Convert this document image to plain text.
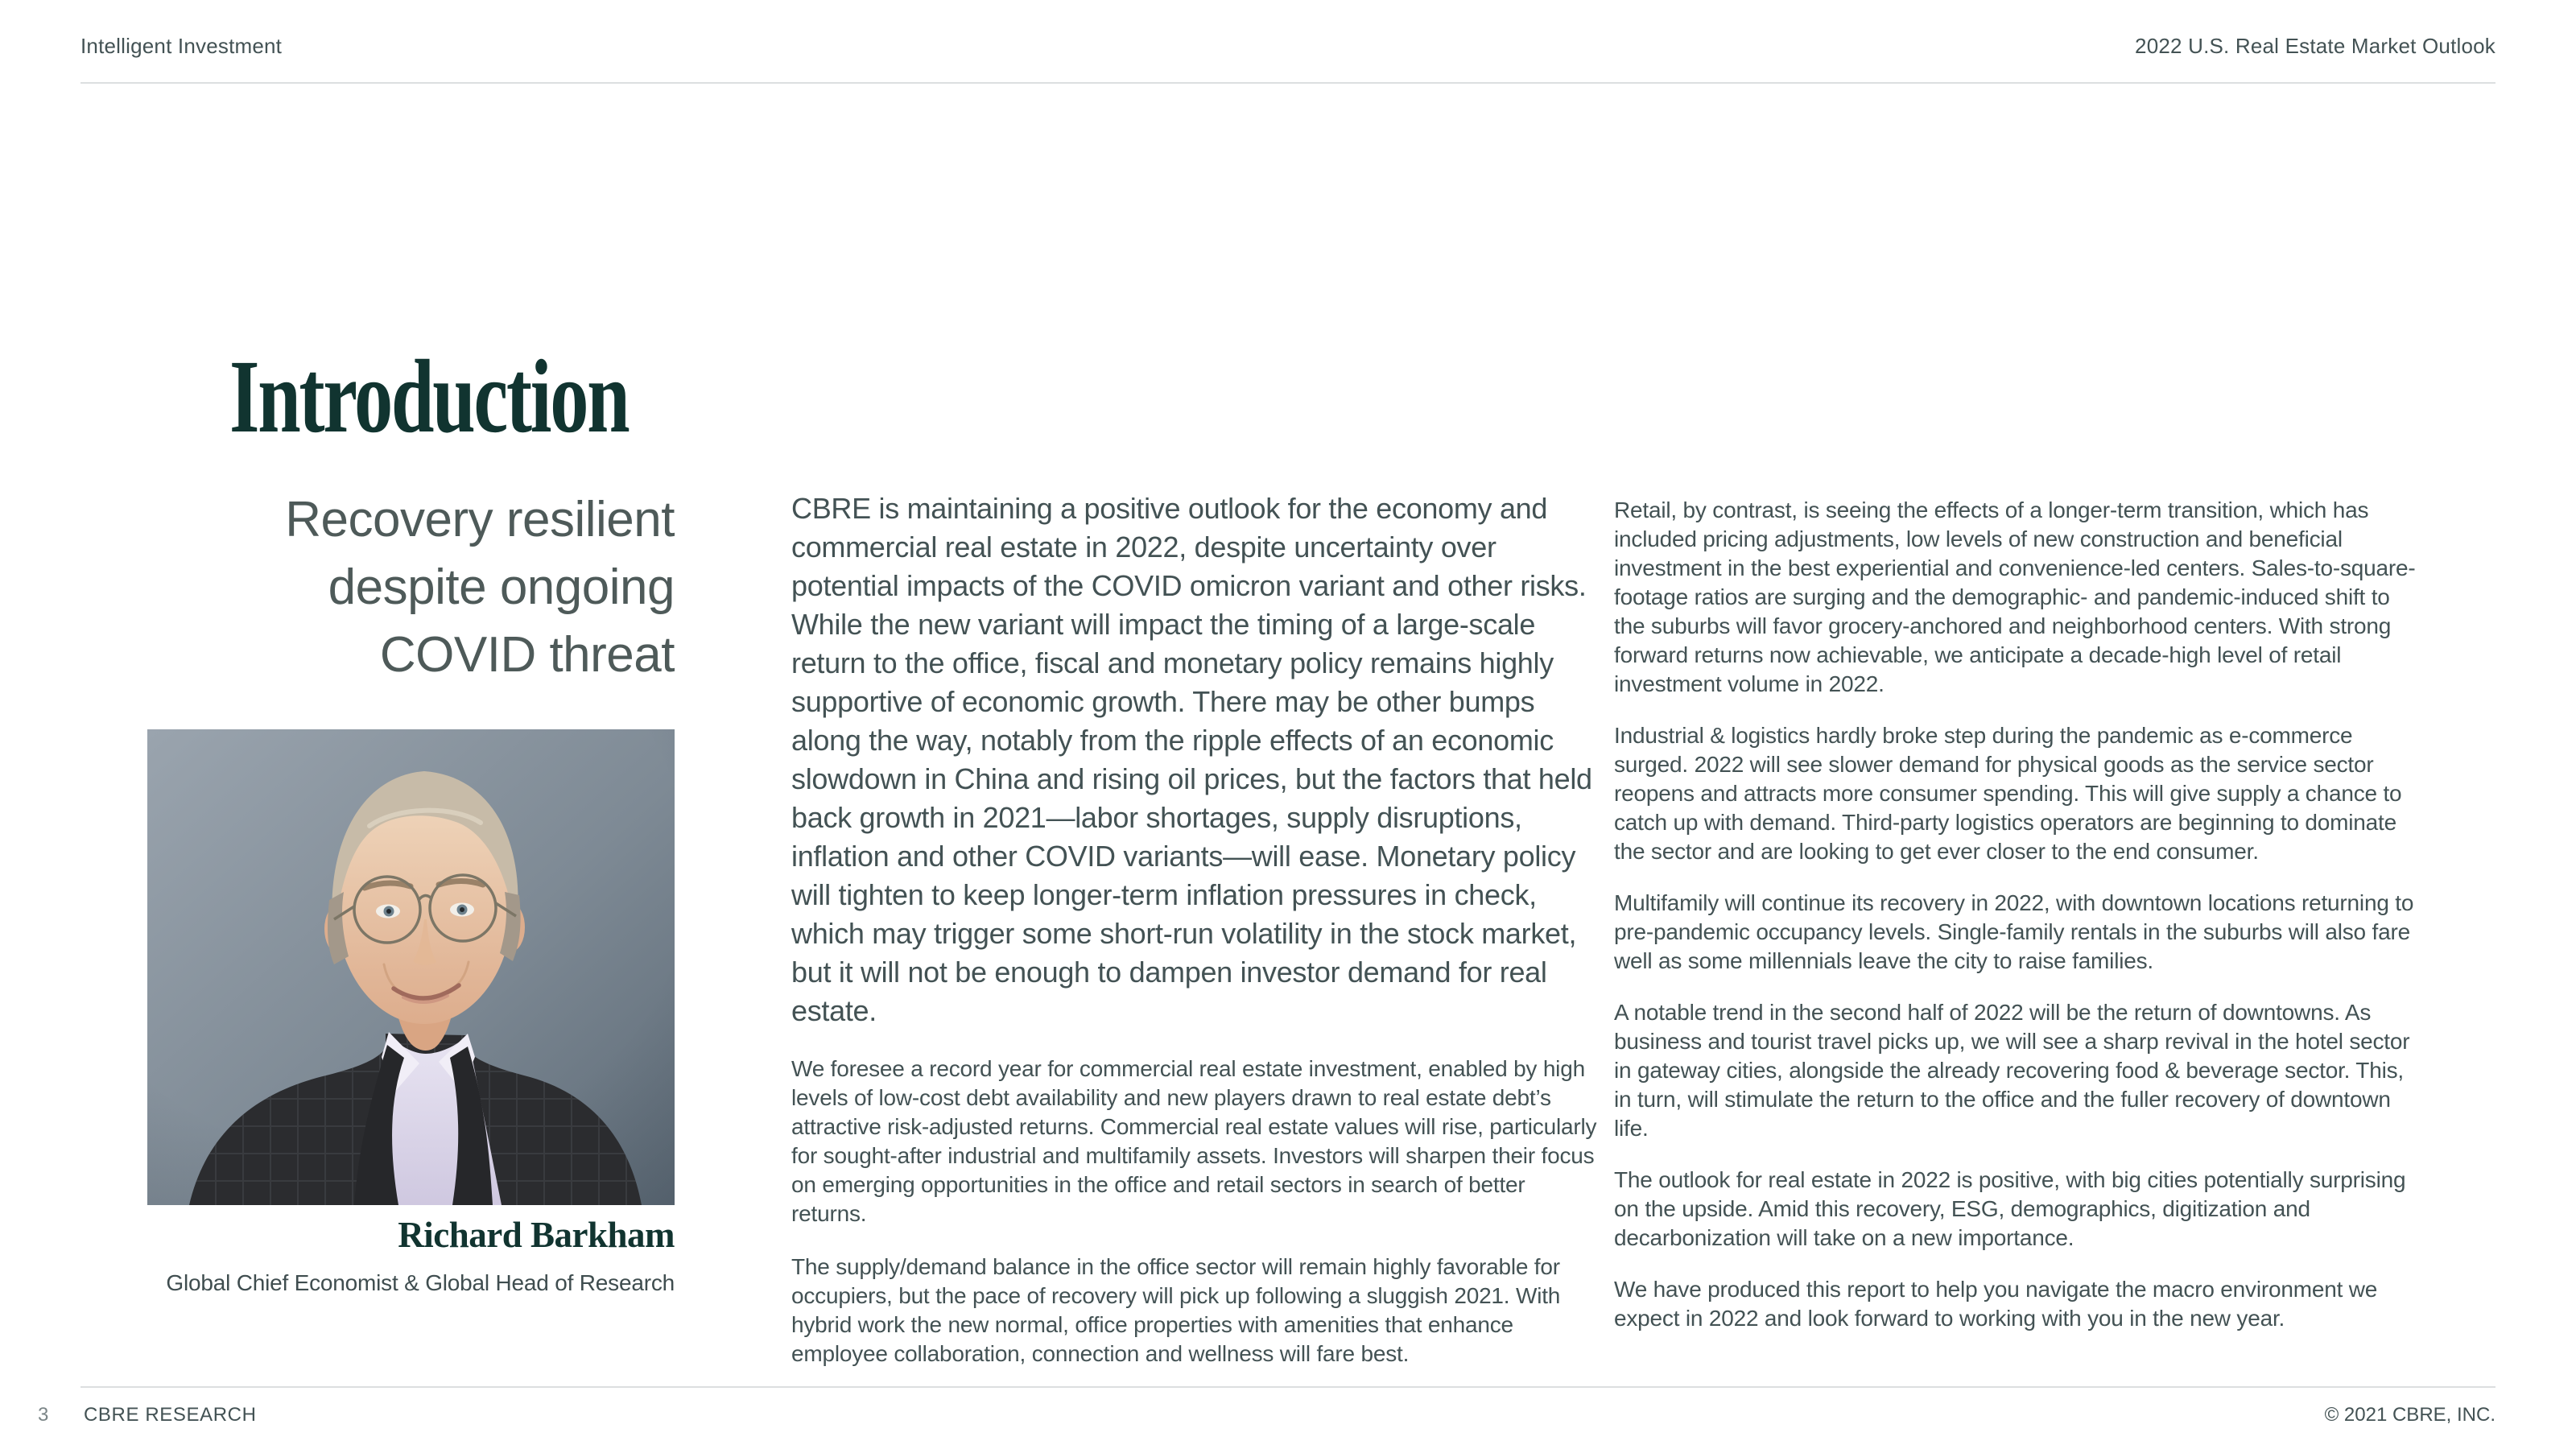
Intelligent Investment	2022 U.S. Real Estate Market Outlook
Introduction
Recovery resilient
despite ongoing
COVID threat
Richard Barkham
Global Chief Economist & Global Head of Research

CBRE is maintaining a positive outlook for the economy and commercial real estate in 2022, despite uncertainty over potential impacts of the COVID omicron variant and other risks. While the new variant will impact the timing of a large-scale return to the office, fiscal and monetary policy remains highly supportive of economic growth. There may be other bumps along the way, notably from the ripple effects of an economic slowdown in China and rising oil prices, but the factors that held back growth in 2021—labor shortages, supply disruptions, inflation and other COVID variants—will ease. Monetary policy will tighten to keep longer-term inflation pressures in check, which may trigger some short-run volatility in the stock market, but it will not be enough to dampen investor demand for real estate.

We foresee a record year for commercial real estate investment, enabled by high levels of low-cost debt availability and new players drawn to real estate debt’s attractive risk-adjusted returns. Commercial real estate values will rise, particularly for sought-after industrial and multifamily assets. Investors will sharpen their focus on emerging opportunities in the office and retail sectors in search of better returns.

The supply/demand balance in the office sector will remain highly favorable for occupiers, but the pace of recovery will pick up following a sluggish 2021. With hybrid work the new normal, office properties with amenities that enhance employee collaboration, connection and wellness will fare best.

Retail, by contrast, is seeing the effects of a longer-term transition, which has included pricing adjustments, low levels of new construction and beneficial investment in the best experiential and convenience-led centers. Sales-to-square-footage ratios are surging and the demographic- and pandemic-induced shift to the suburbs will favor grocery-anchored and neighborhood centers. With strong forward returns now achievable, we anticipate a decade-high level of retail investment volume in 2022.

Industrial & logistics hardly broke step during the pandemic as e-commerce surged. 2022 will see slower demand for physical goods as the service sector reopens and attracts more consumer spending. This will give supply a chance to catch up with demand. Third-party logistics operators are beginning to dominate the sector and are looking to get ever closer to the end consumer.

Multifamily will continue its recovery in 2022, with downtown locations returning to pre-pandemic occupancy levels. Single-family rentals in the suburbs will also fare well as some millennials leave the city to raise families.

A notable trend in the second half of 2022 will be the return of downtowns. As business and tourist travel picks up, we will see a sharp revival in the hotel sector in gateway cities, alongside the already recovering food & beverage sector. This, in turn, will stimulate the return to the office and the fuller recovery of downtown life.

The outlook for real estate in 2022 is positive, with big cities potentially surprising on the upside. Amid this recovery, ESG, demographics, digitization and decarbonization will take on a new importance.

We have produced this report to help you navigate the macro environment we expect in 2022 and look forward to working with you in the new year.

3 CBRE RESEARCH	© 2021 CBRE, INC.
